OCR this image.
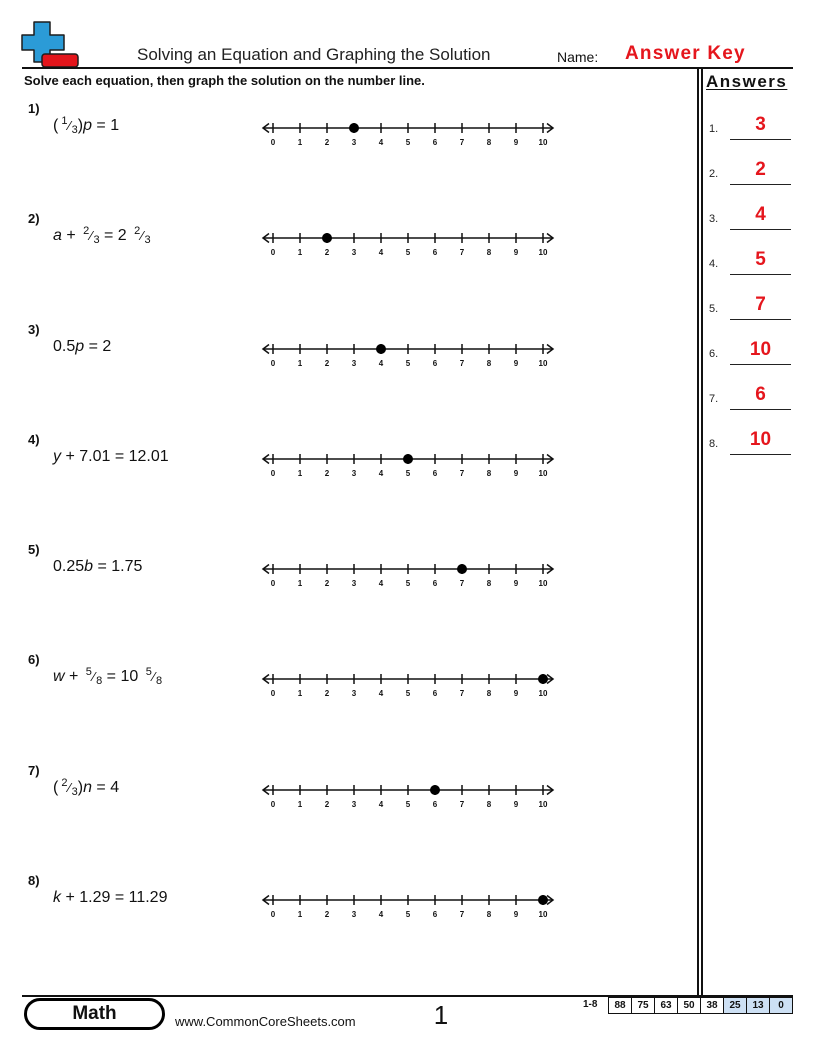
Solving an Equation and Graphing the Solution	Name: Answer Key
Solve each equation, then graph the solution on the number line.	Answers
1.	3
2.	2
3.	4
4.	5
5.	7
6.	10
7.	6
8.	10
1)
( $^1$⁄3)p = 1
0	1	2	3	4	5	6	7	8	9	10
2)
a + $^2$⁄3 = 2 $^2$⁄3
0	1	2	3	4	5	6	7	8	9	10
3)
0.5p = 2
0	1	2	3	4	5	6	7	8	9	10
4)
y + 7.01 = 12.01
0	1	2	3	4	5	6	7	8	9	10
5)
0.25b = 1.75
0	1	2	3	4	5	6	7	8	9	10
6)
w + $^5$⁄8 = 10 $^5$⁄8
0	1	2	3	4	5	6	7	8	9	10
7)
( $^2$⁄3)n = 4
0	1	2	3	4	5	6	7	8	9	10
8)
k + 1.29 = 11.29
0	1	2	3	4	5	6	7	8	9	10
Math	www.CommonCoreSheets.com	1	1-8	88	75	63	50	38	25	13	0
